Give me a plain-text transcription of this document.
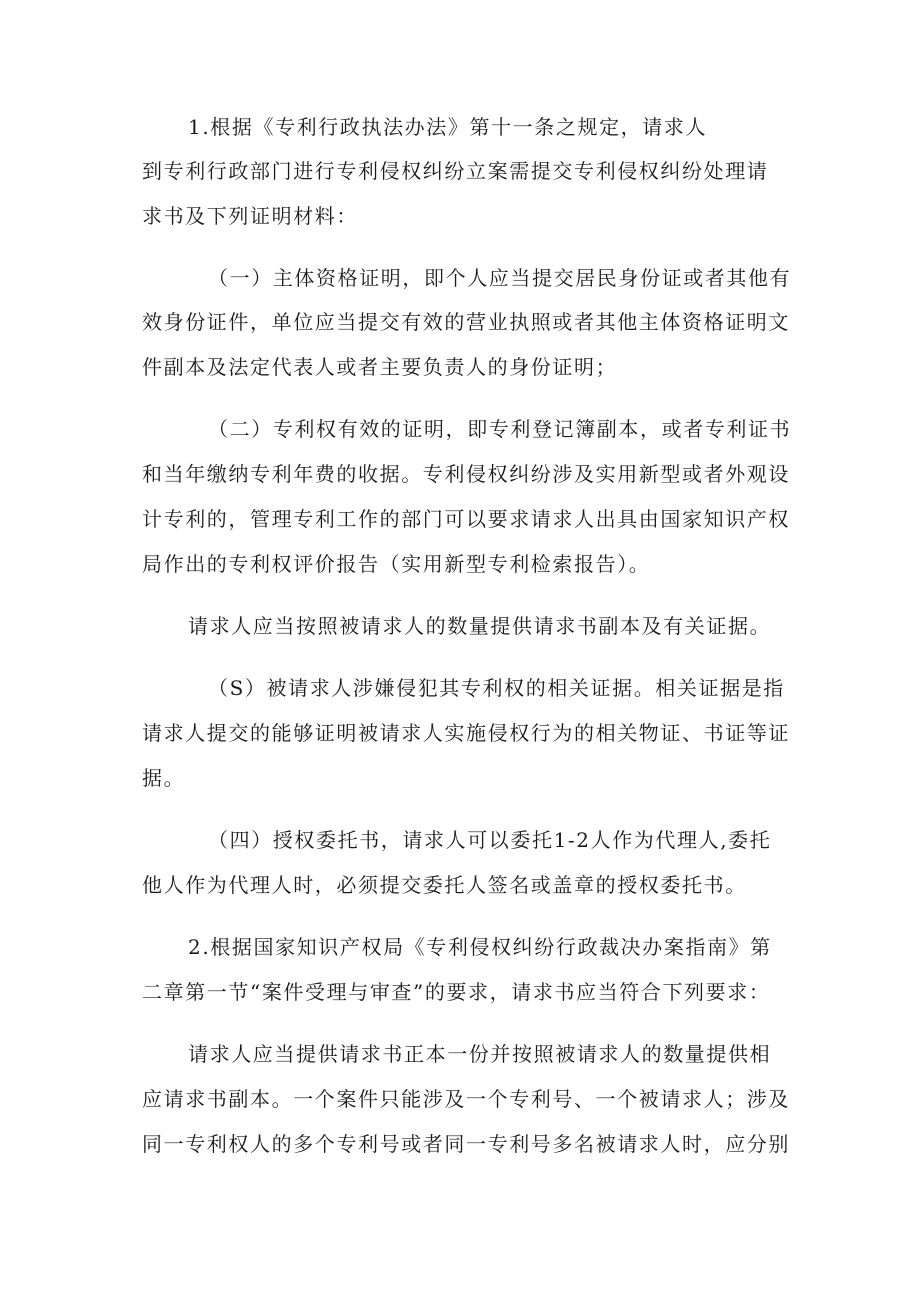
1.根据《专利行政执法办法》第十一条之规定，请求人

到专利行政部门进行专利侵权纠纷立案需提交专利侵权纠纷处理请

求书及下列证明材料：

（一）主体资格证明，即个人应当提交居民身份证或者其他有

效身份证件，单位应当提交有效的营业执照或者其他主体资格证明文

件副本及法定代表人或者主要负责人的身份证明；

（二）专利权有效的证明，即专利登记簿副本，或者专利证书

和当年缴纳专利年费的收据。专利侵权纠纷涉及实用新型或者外观设

计专利的，管理专利工作的部门可以要求请求人出具由国家知识产权

局作出的专利权评价报告（实用新型专利检索报告）。

请求人应当按照被请求人的数量提供请求书副本及有关证据。

（S）被请求人涉嫌侵犯其专利权的相关证据。相关证据是指

请求人提交的能够证明被请求人实施侵权行为的相关物证、书证等证

据。

（四）授权委托书，请求人可以委托1-2人作为代理人,委托

他人作为代理人时，必须提交委托人签名或盖章的授权委托书。

2.根据国家知识产权局《专利侵权纠纷行政裁决办案指南》第

二章第一节“案件受理与审查”的要求，请求书应当符合下列要求：

请求人应当提供请求书正本一份并按照被请求人的数量提供相

应请求书副本。一个案件只能涉及一个专利号、一个被请求人；涉及

同一专利权人的多个专利号或者同一专利号多名被请求人时，应分别
